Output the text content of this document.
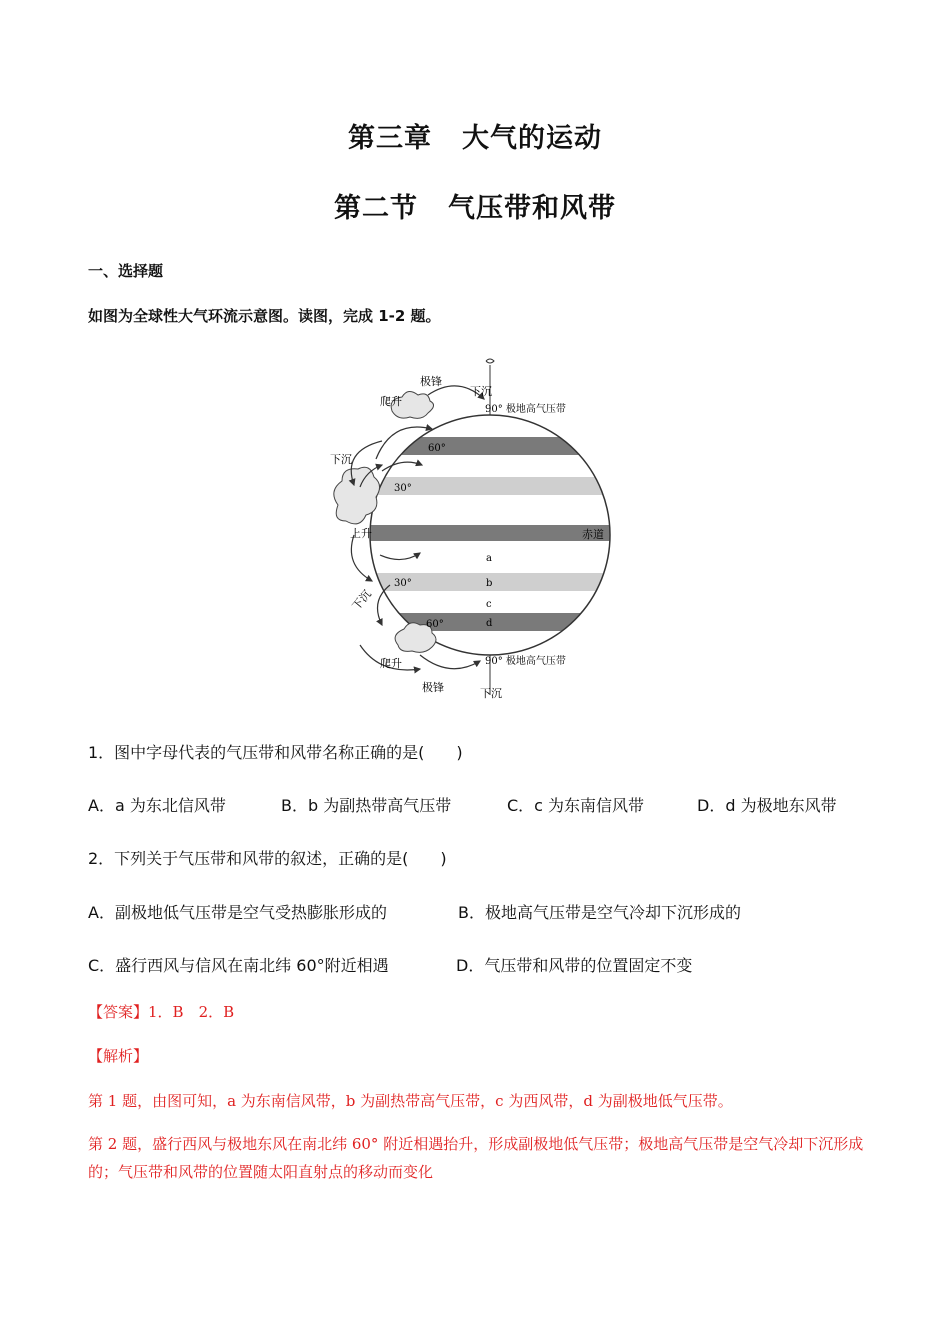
第三章 大气的运动
第二节 气压带和风带
一、选择题
如图为全球性大气环流示意图。读图，完成 1-2 题。
极锋
爬升
下沉
90° 极地高气压带
60°
下沉
30°
上升	赤道
a
30°	b
c
下沉
60°	d
爬升	90° 极地高气压带
极锋	下沉
1．图中字母代表的气压带和风带名称正确的是(　　)
A．a 为东北信风带	B．b 为副热带高气压带	C．c 为东南信风带	D．d 为极地东风带
2．下列关于气压带和风带的叙述，正确的是(　　)
A．副极地低气压带是空气受热膨胀形成的	B．极地高气压带是空气冷却下沉形成的
C．盛行西风与信风在南北纬 60°附近相遇	D．气压带和风带的位置固定不变
【答案】1．B　2．B
【解析】
第 1 题，由图可知，a 为东南信风带，b 为副热带高气压带，c 为西风带，d 为副极地低气压带。
第 2 题，盛行西风与极地东风在南北纬 60° 附近相遇抬升，形成副极地低气压带；极地高气压带是空气冷却下沉形成的；气压带和风带的位置随太阳直射点的移动而变化
